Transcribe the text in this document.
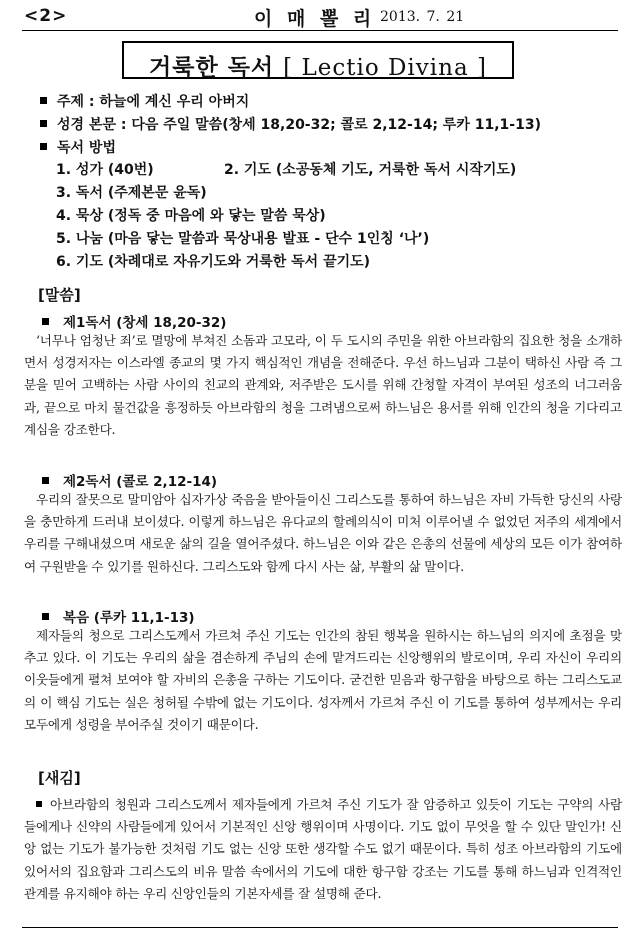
<2>	이 매 뽈 리 2013. 7. 21
거룩한 독서 [ Lectio Divina ]
주제 : 하늘에 계신 우리 아버지
성경 본문 : 다음 주일 말씀(창세 18,20-32; 콜로 2,12-14; 루카 11,1-13)
독서 방법
1. 성가 (40번)	2. 기도 (소공동체 기도, 거룩한 독서 시작기도)
3. 독서 (주제본문 윤독)
4. 묵상 (정독 중 마음에 와 닿는 말씀 묵상)
5. 나눔 (마음 닿는 말씀과 묵상내용 발표 - 단수 1인칭 ‘나’)
6. 기도 (차례대로 자유기도와 거룩한 독서 끝기도)
[말씀]
제1독서 (창세 18,20-32)
‘너무나 엄청난 죄’로 멸망에 부쳐진 소돔과 고모라, 이 두 도시의 주민을 위한 아브라함의 집요한 청을 소개하면서 성경저자는 이스라엘 종교의 몇 가지 핵심적인 개념을 전해준다. 우선 하느님과 그분이 택하신 사람 즉 그분을 믿어 고백하는 사람 사이의 친교의 관계와, 저주받은 도시를 위해 간청할 자격이 부여된 성조의 너그러움과, 끝으로 마치 물건값을 흥정하듯 아브라함의 청을 그려냄으로써 하느님은 용서를 위해 인간의 청을 기다리고 계심을 강조한다.
제2독서 (콜로 2,12-14)
우리의 잘못으로 말미암아 십자가상 죽음을 받아들이신 그리스도를 통하여 하느님은 자비 가득한 당신의 사랑을 충만하게 드러내 보이셨다. 이렇게 하느님은 유다교의 할례의식이 미처 이루어낼 수 없었던 저주의 세계에서 우리를 구해내셨으며 새로운 삶의 길을 열어주셨다. 하느님은 이와 같은 은총의 선물에 세상의 모든 이가 참여하여 구원받을 수 있기를 원하신다. 그리스도와 함께 다시 사는 삶, 부활의 삶 말이다.
복음 (루카 11,1-13)
제자들의 청으로 그리스도께서 가르쳐 주신 기도는 인간의 참된 행복을 원하시는 하느님의 의지에 초점을 맞추고 있다. 이 기도는 우리의 삶을 겸손하게 주님의 손에 맡겨드리는 신앙행위의 발로이며, 우리 자신이 우리의 이웃들에게 펼쳐 보여야 할 자비의 은총을 구하는 기도이다. 굳건한 믿음과 항구함을 바탕으로 하는 그리스도교의 이 핵심 기도는 실은 청허될 수밖에 없는 기도이다. 성자께서 가르쳐 주신 이 기도를 통하여 성부께서는 우리 모두에게 성령을 부어주실 것이기 때문이다.
[새김]
아브라함의 청원과 그리스도께서 제자들에게 가르쳐 주신 기도가 잘 암증하고 있듯이 기도는 구약의 사람들에게나 신약의 사람들에게 있어서 기본적인 신앙 행위이며 사명이다. 기도 없이 무엇을 할 수 있단 말인가! 신앙 없는 기도가 불가능한 것처럼 기도 없는 신앙 또한 생각할 수도 없기 때문이다. 특히 성조 아브라함의 기도에 있어서의 집요함과 그리스도의 비유 말씀 속에서의 기도에 대한 항구함 강조는 기도를 통해 하느님과 인격적인 관계를 유지해야 하는 우리 신앙인들의 기본자세를 잘 설명해 준다.
